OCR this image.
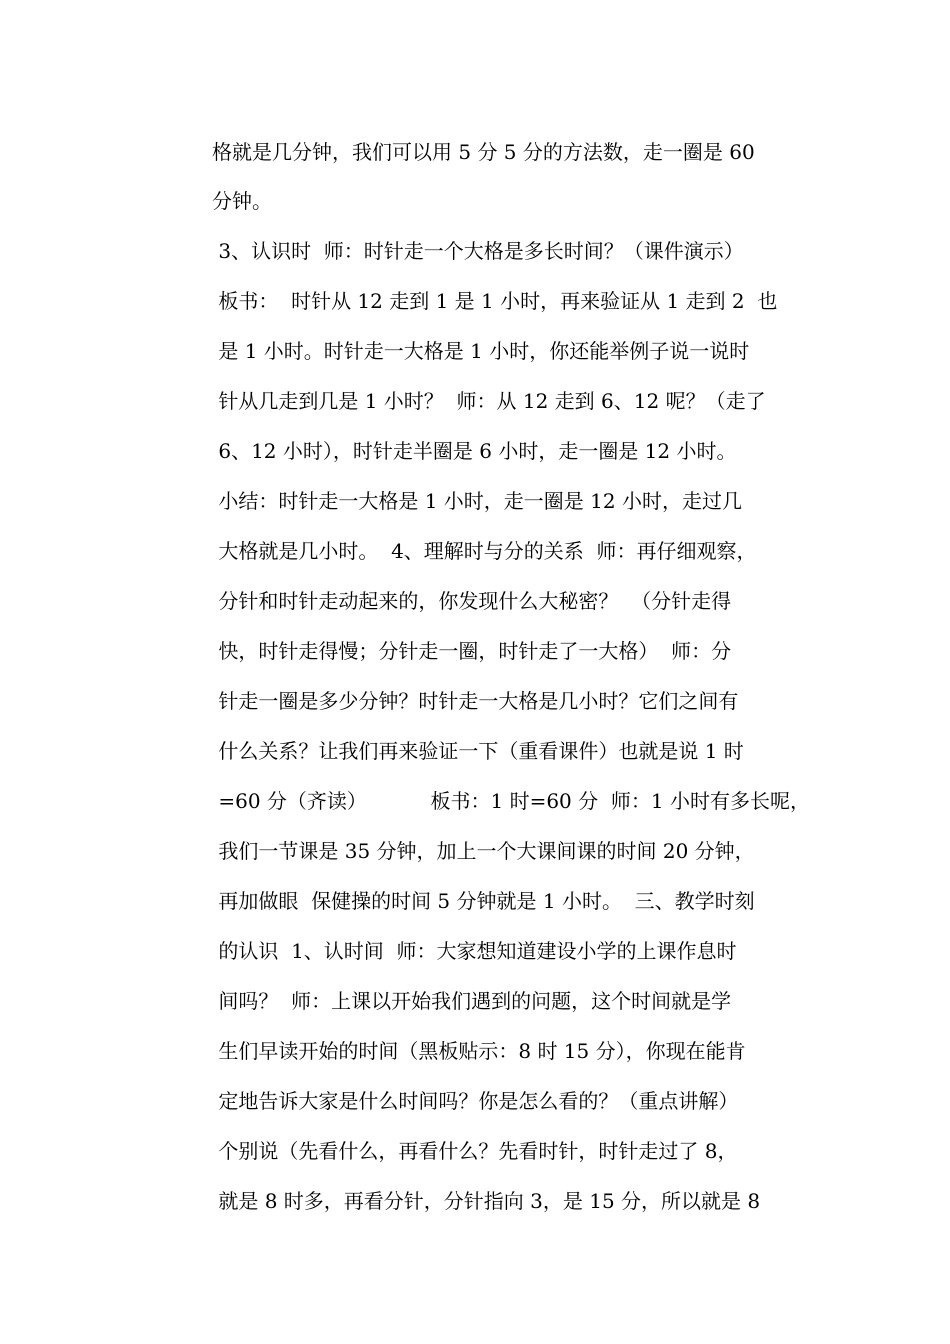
格就是几分钟，我们可以用 5 分 5 分的方法数，走一圈是 60
分钟。
3、认识时  师：时针走一个大格是多长时间？（课件演示）
板书：  时针从 12 走到 1 是 1 小时，再来验证从 1 走到 2  也
是 1 小时。时针走一大格是 1 小时，你还能举例子说一说时
针从几走到几是 1 小时？  师：从 12 走到 6、12 呢？（走了
6、12 小时），时针走半圈是 6 小时，走一圈是 12 小时。
小结：时针走一大格是 1 小时，走一圈是 12 小时，走过几
大格就是几小时。  4、理解时与分的关系  师：再仔细观察，
分针和时针走动起来的，你发现什么大秘密？  （分针走得
快，时针走得慢；分针走一圈，时针走了一大格）  师：分
针走一圈是多少分钟？时针走一大格是几小时？它们之间有
什么关系？让我们再来验证一下（重看课件）也就是说 1 时
=60 分（齐读）          板书：1 时=60 分  师：1 小时有多长呢，
我们一节课是 35 分钟，加上一个大课间课的时间 20 分钟，
再加做眼  保健操的时间 5 分钟就是 1 小时。  三、教学时刻
的认识  1、认时间  师：大家想知道建设小学的上课作息时
间吗？  师：上课以开始我们遇到的问题，这个时间就是学
生们早读开始的时间（黑板贴示：8 时 15 分），你现在能肯
定地告诉大家是什么时间吗？你是怎么看的？（重点讲解）
个别说（先看什么，再看什么？先看时针，时针走过了 8，
就是 8 时多，再看分针，分针指向 3，是 15 分，所以就是 8
